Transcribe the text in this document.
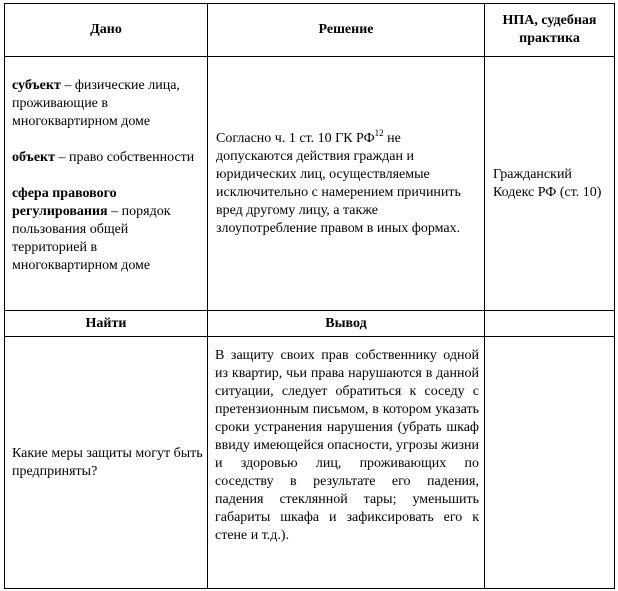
Дано	Решение
НПА, судебная практика

субъект – физические лица, проживающие в многоквартирном доме

объект – право собственности

сфера правового регулирования – порядок пользования общей территорией в многоквартирном доме

Согласно ч. 1 ст. 10 ГК РФ$^{12}$ не допускаются действия граждан и юридических лиц, осуществляемые исключительно с намерением причинить вред другому лицу, а также злоупотребление правом в иных формах.

Гражданский Кодекс РФ (ст. 10)

Найти	Вывод

Какие меры защиты могут быть предприняты?

В защиту своих прав собственнику одной из квартир, чьи права нарушаются в данной ситуации, следует обратиться к соседу с претензионным письмом, в котором указать сроки устранения нарушения (убрать шкаф ввиду имеющейся опасности, угрозы жизни и здоровью лиц, проживающих по соседству в результате его падения, падения стеклянной тары; уменьшить габариты шкафа и зафиксировать его к стене и т.д.).
